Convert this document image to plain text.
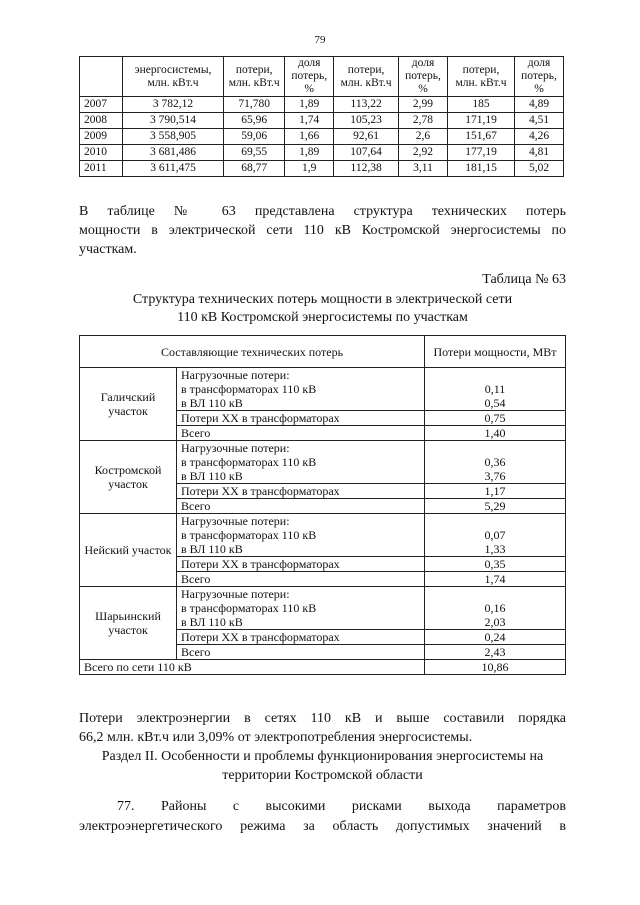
79
	энергосистемы, млн. кВт.ч	потери, млн. кВт.ч	доля потерь, %	потери, млн. кВт.ч	доля потерь, %	потери, млн. кВт.ч	доля потерь, %
2007	3 782,12	71,780	1,89	113,22	2,99	185	4,89
2008	3 790,514	65,96	1,74	105,23	2,78	171,19	4,51
2009	3 558,905	59,06	1,66	92,61	2,6	151,67	4,26
2010	3 681,486	69,55	1,89	107,64	2,92	177,19	4,81
2011	3 611,475	68,77	1,9	112,38	3,11	181,15	5,02
В таблице № 63 представлена структура технических потерь
мощности в электрической сети 110 кВ Костромской энергосистемы по
участкам.
Таблица № 63
Структура технических потерь мощности в электрической сети
110 кВ Костромской энергосистемы по участкам
Составляющие технических потерь		Потери мощности, МВт
Галичский участок	Нагрузочные потери:	
	в трансформаторах 110 кВ	0,11
	в ВЛ 110 кВ	0,54
	Потери ХХ в трансформаторах	0,75
	Всего	1,40
Костромской участок	Нагрузочные потери:	
	в трансформаторах 110 кВ	0,36
	в ВЛ 110 кВ	3,76
	Потери ХХ в трансформаторах	1,17
	Всего	5,29
Нейский участок	Нагрузочные потери:	
	в трансформаторах 110 кВ	0,07
	в ВЛ 110 кВ	1,33
	Потери ХХ в трансформаторах	0,35
	Всего	1,74
Шарьинский участок	Нагрузочные потери:	
	в трансформаторах 110 кВ	0,16
	в ВЛ 110 кВ	2,03
	Потери ХХ в трансформаторах	0,24
	Всего	2,43
Всего по сети 110 кВ		10,86
Потери электроэнергии в сетях 110 кВ и выше составили порядка
66,2 млн. кВт.ч или 3,09% от электропотребления энергосистемы.
Раздел II. Особенности и проблемы функционирования энергосистемы на
территории Костромской области
77. Районы с высокими рисками выхода параметров
электроэнергетического режима за область допустимых значений в
